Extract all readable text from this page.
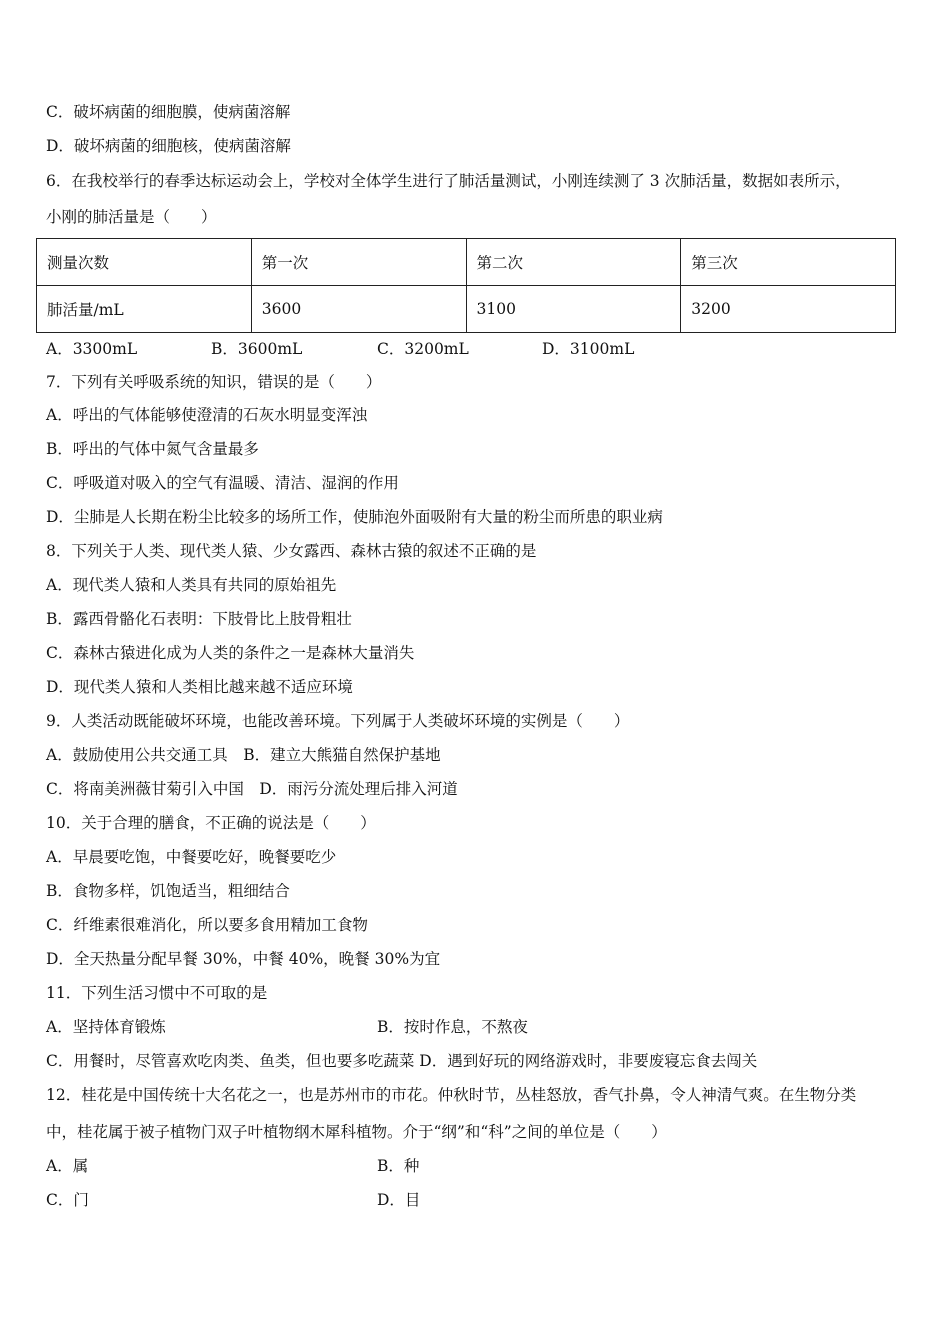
C．破坏病菌的细胞膜，使病菌溶解
D．破坏病菌的细胞核，使病菌溶解
6．在我校举行的春季达标运动会上，学校对全体学生进行了肺活量测试，小刚连续测了 3 次肺活量，数据如表所示，
小刚的肺活量是（　　）
测量次数	第一次	第二次	第三次
肺活量/mL	3600	3100	3200
A．3300mL	B．3600mL	C．3200mL	D．3100mL
7．下列有关呼吸系统的知识，错误的是（　　）
A．呼出的气体能够使澄清的石灰水明显变浑浊
B．呼出的气体中氮气含量最多
C．呼吸道对吸入的空气有温暖、清洁、湿润的作用
D．尘肺是人长期在粉尘比较多的场所工作，使肺泡外面吸附有大量的粉尘而所患的职业病
8．下列关于人类、现代类人猿、少女露西、森林古猿的叙述不正确的是
A．现代类人猿和人类具有共同的原始祖先
B．露西骨骼化石表明：下肢骨比上肢骨粗壮
C．森林古猿进化成为人类的条件之一是森林大量消失
D．现代类人猿和人类相比越来越不适应环境
9．人类活动既能破坏环境，也能改善环境。下列属于人类破坏环境的实例是（　　）
A．鼓励使用公共交通工具　B．建立大熊猫自然保护基地
C．将南美洲薇甘菊引入中国　D．雨污分流处理后排入河道
10．关于合理的膳食，不正确的说法是（　　）
A．早晨要吃饱，中餐要吃好，晚餐要吃少
B．食物多样，饥饱适当，粗细结合
C．纤维素很难消化，所以要多食用精加工食物
D．全天热量分配早餐 30%，中餐 40%，晚餐 30%为宜
11．下列生活习惯中不可取的是
A．坚持体育锻炼	B．按时作息，不熬夜
C．用餐时，尽管喜欢吃肉类、鱼类，但也要多吃蔬菜 D．遇到好玩的网络游戏时，非要废寝忘食去闯关
12．桂花是中国传统十大名花之一，也是苏州市的市花。仲秋时节，丛桂怒放，香气扑鼻，令人神清气爽。在生物分类
中，桂花属于被子植物门双子叶植物纲木犀科植物。介于“纲”和“科”之间的单位是（　　）
A．属	B．种
C．门	D．目
